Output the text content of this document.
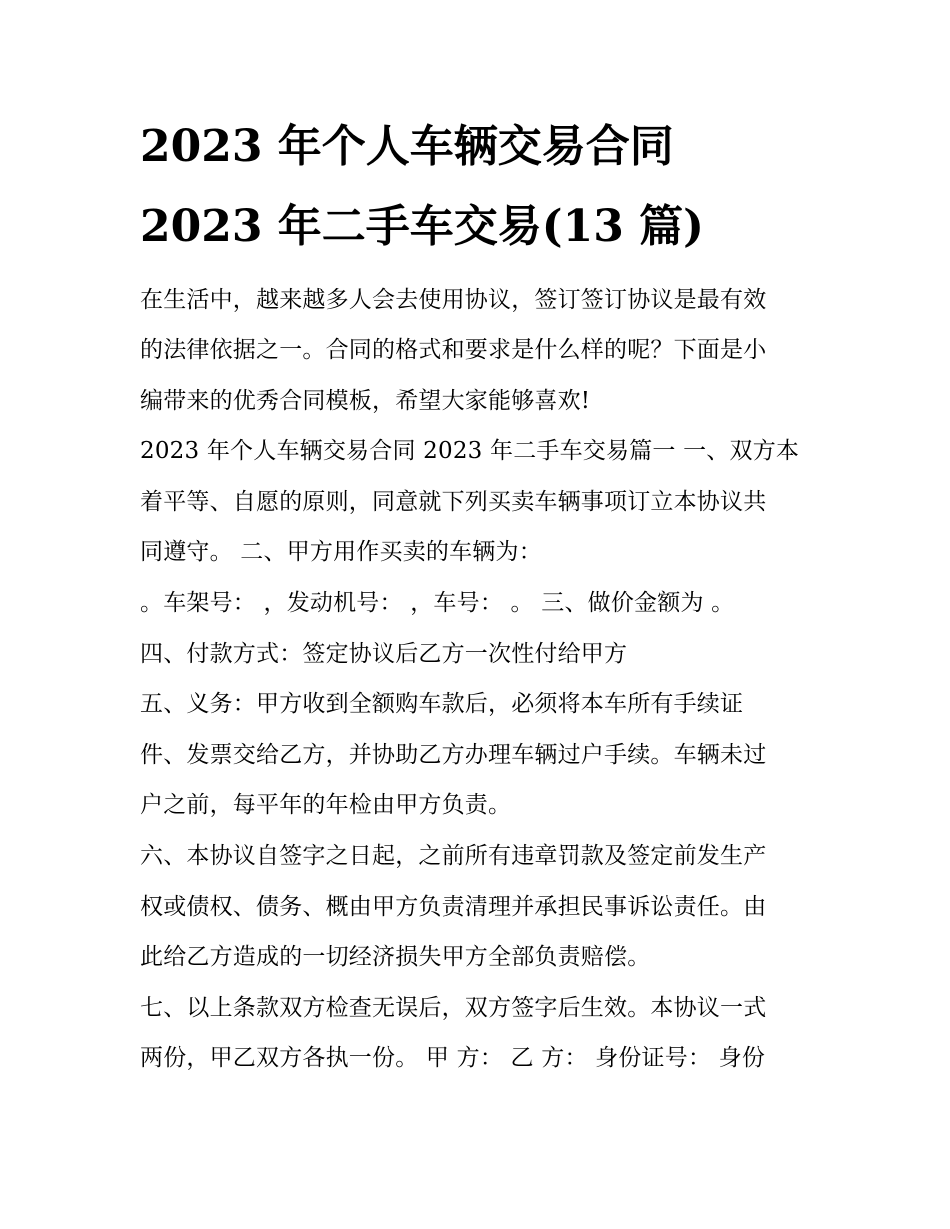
2023 年个人车辆交易合同
2023 年二手车交易(13 篇)

在生活中，越来越多人会去使用协议，签订签订协议是最有效

的法律依据之一。合同的格式和要求是什么样的呢？下面是小

编带来的优秀合同模板，希望大家能够喜欢!

2023 年个人车辆交易合同 2023 年二手车交易篇一 一、双方本

着平等、自愿的原则，同意就下列买卖车辆事项订立本协议共

同遵守。 二、甲方用作买卖的车辆为：

。车架号： ，发动机号： ，车号： 。 三、做价金额为 。

四、付款方式：签定协议后乙方一次性付给甲方

五、义务：甲方收到全额购车款后，必须将本车所有手续证

件、发票交给乙方，并协助乙方办理车辆过户手续。车辆未过

户之前，每平年的年检由甲方负责。

六、本协议自签字之日起，之前所有违章罚款及签定前发生产

权或债权、债务、概由甲方负责清理并承担民事诉讼责任。由

此给乙方造成的一切经济损失甲方全部负责赔偿。

七、以上条款双方检查无误后，双方签字后生效。本协议一式

两份，甲乙双方各执一份。 甲 方： 乙 方： 身份证号： 身份
